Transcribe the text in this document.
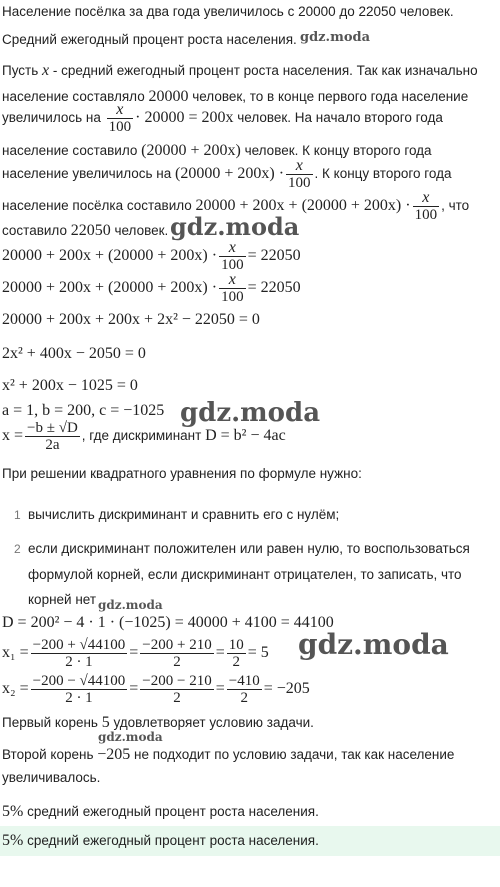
Население посёлка за два года увеличилось с 20000 до 22050 человек.
Средний ежегодный процент роста населения. gdz.moda
Пусть x - средний ежегодный процент роста населения. Так как изначально
население составляло 20000 человек, то в конце первого года население
увеличилось на $\frac{x}{100} \cdot 20000 = 200x$ человек. На начало второго года
население составило (20000 + 200x) человек. К концу второго года
население увеличилось на $(20000 + 200x) \cdot \frac{x}{100}$ . К концу второго года
население посёлка составило $20000 + 200x + (20000 + 200x) \cdot \frac{x}{100}$ , что
составило 22050 человек. gdz.moda
$20000 + 200x + (20000 + 200x) \cdot \frac{x}{100} = 22050$
$20000 + 200x + (20000 + 200x) \cdot \frac{x}{100} = 22050$
20000 + 200x + 200x + 2x² − 22050 = 0
2x² + 400x − 2050 = 0
x² + 200x − 1025 = 0
a = 1, b = 200, c = −1025 gdz.moda
$x = \frac{-b \pm √D}{2a}$ , где дискриминант D = b² − 4ac
При решении квадратного уравнения по формуле нужно:
1 вычислить дискриминант и сравнить его с нулём;
2 если дискриминант положителен или равен нулю, то воспользоваться
формулой корней, если дискриминант отрицателен, то записать, что
корней нет gdz.moda
D = 200² − 4 · 1 · (−1025) = 40000 + 4100 = 44100
$x_1 = \frac{-200 + √44100}{2 \cdot 1} = \frac{-200 + 210}{2} = \frac{10}{2} = 5$ gdz.moda
$x_2 = \frac{-200 - √44100}{2 \cdot 1} = \frac{-200 - 210}{2} = \frac{-410}{2} = -205$
Первый корень 5 удовлетворяет условию задачи.
gdz.moda
Второй корень −205 не подходит по условию задачи, так как население
увеличивалось.
5% средний ежегодный процент роста населения.
5% средний ежегодный процент роста населения.
